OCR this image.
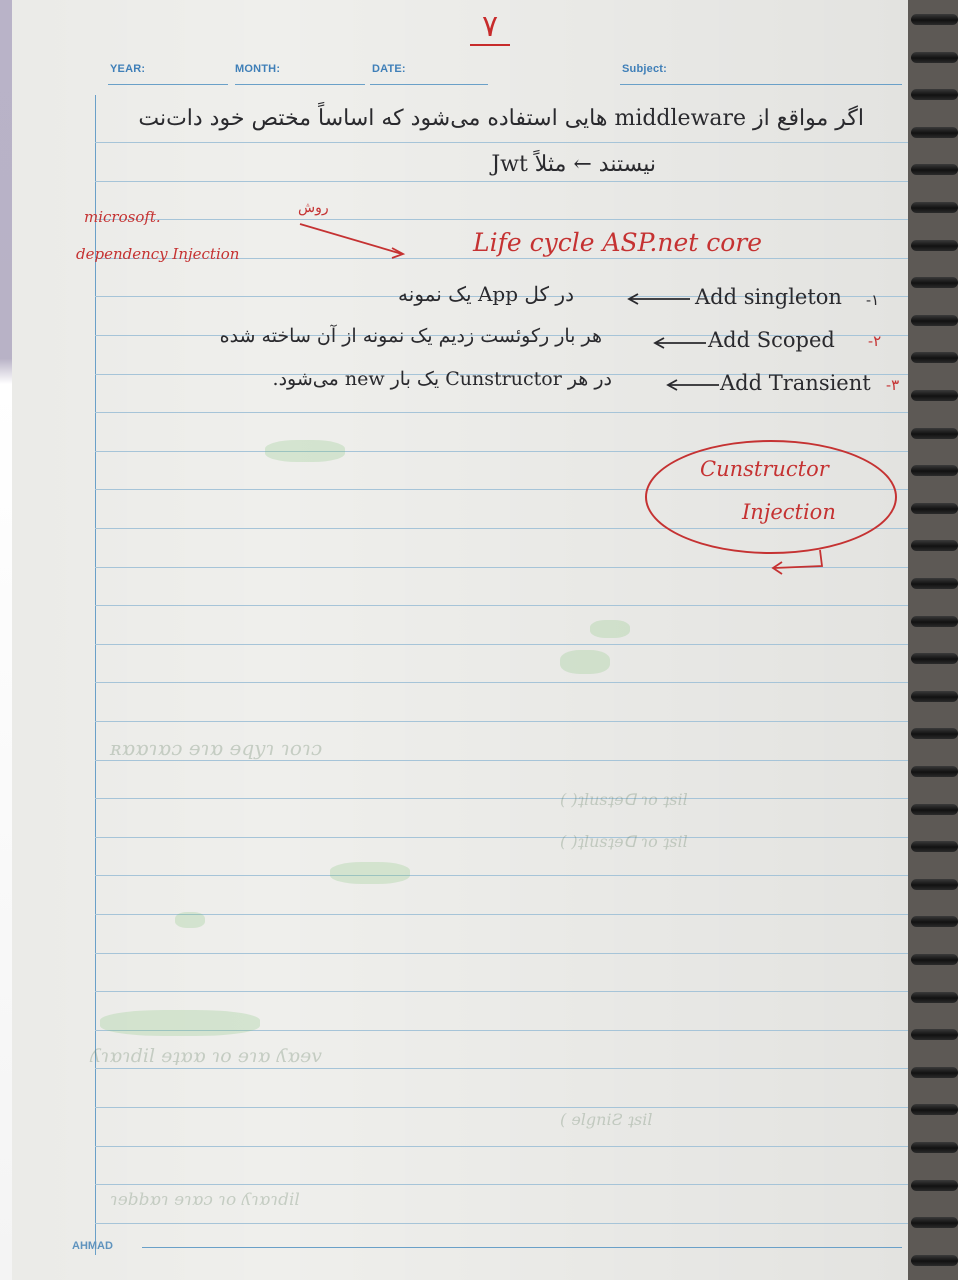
۷
YEAR:	MONTH:	DATE:	Subject:
ʀɒɒɿɒɔ ɘɿɒ ɘqyɿ ɿoɿɔ
( )ʇlusʇɘꓷ ɿo ʇsil
( )ʇlusʇɘꓷ ɿo ʇsil
ʎɿɒɿdil ɘʇɒɒ ɿo ɘɿɒ ʎɒɘv
( ɘlgniƧ ʇsil
ɿɘbbɒɿ ɘɿɒɔ ɿo ʎɿɒɿdil
اگر مواقع از middleware هایی استفاده می‌شود که اساساً مختص خود دات‌نت
نیستند ← مثلاً Jwt
microsoft.
dependency Injection
روش
Life cycle ASP.net core
Add singleton -۱
در کل App یک نمونه
Add Scoped -۲
هر بار رکوئست زدیم یک نمونه از آن ساخته شده
Add Transient -۳
در هر Cunstructor یک بار new می‌شود.
Cunstructor
Injection
AHMAD
